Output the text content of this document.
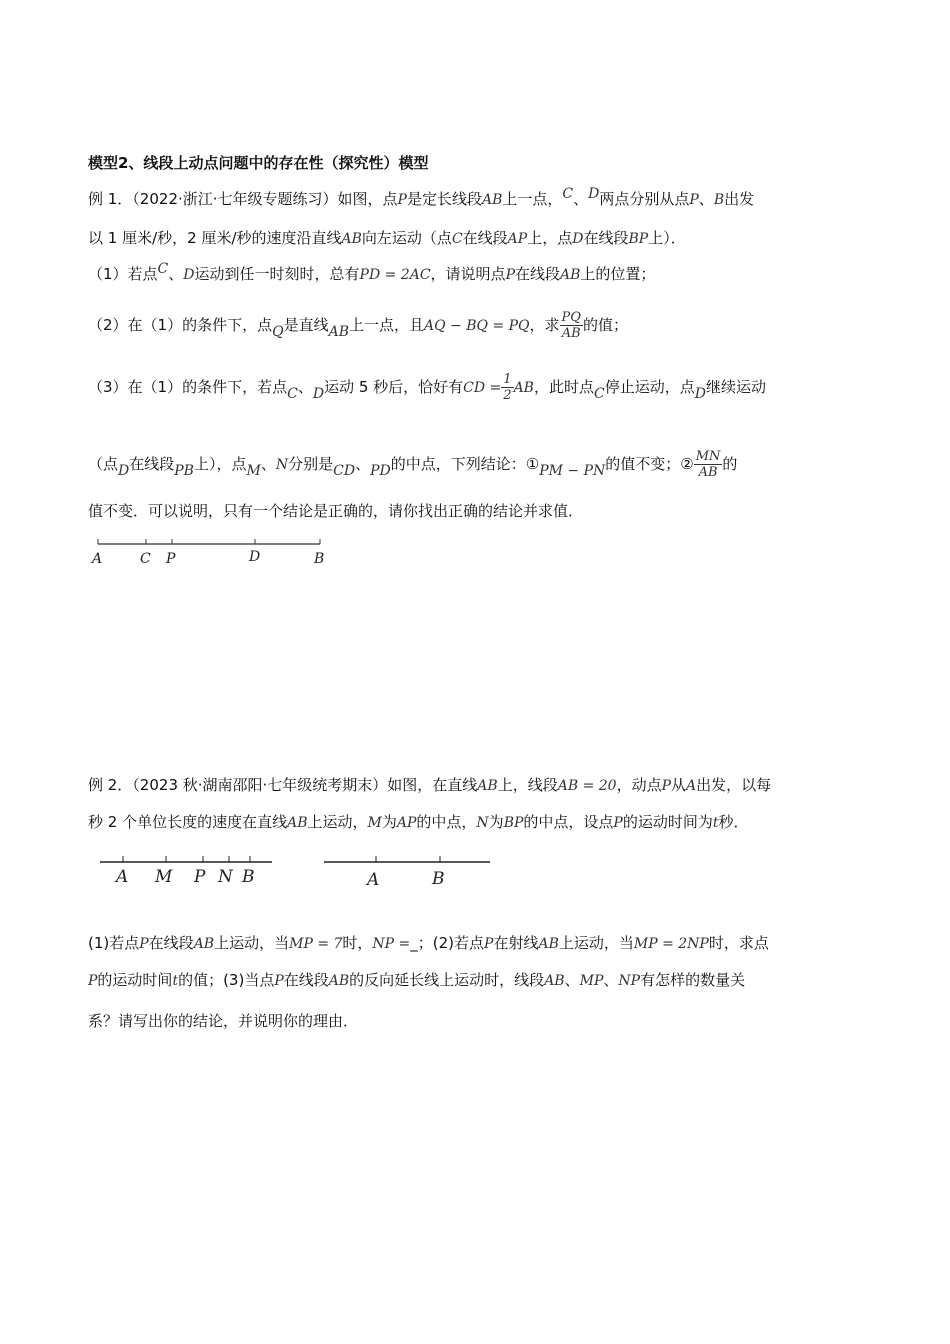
模型2、线段上动点问题中的存在性（探究性）模型
例 1．（2022·浙江·七年级专题练习）如图，点P是定长线段AB上一点，C、D两点分别从点P、B出发
以 1 厘米/秒，2 厘米/秒的速度沿直线AB向左运动（点C在线段AP上，点D在线段BP上）．
（1）若点C、D运动到任一时刻时，总有PD = 2AC，请说明点P在线段AB上的位置；
（2）在（1）的条件下，点Q是直线AB上一点，且AQ − BQ = PQ，求 $\frac{PQ}{AB}$ 的值；
（3）在（1）的条件下，若点C、D运动 5 秒后，恰好有CD = $\frac{1}{2}$ AB，此时点C停止运动，点D继续运动
（点D在线段PB上），点M、N分别是CD、PD的中点，下列结论：①PM − PN的值不变；② $\frac{MN}{AB}$ 的
值不变．可以说明，只有一个结论是正确的，请你找出正确的结论并求值．
A	C P	D	B
A M P N B	A	B
例 2．（2023 秋·湖南邵阳·七年级统考期末）如图，在直线AB上，线段AB = 20，动点P从A出发，以每
秒 2 个单位长度的速度在直线AB上运动，M为AP的中点，N为BP的中点，设点P的运动时间为t秒．
(1)若点P在线段AB上运动，当MP = 7时，NP =_；(2)若点P在射线AB上运动，当MP = 2NP时，求点
P的运动时间t的值；(3)当点P在线段AB的反向延长线上运动时，线段AB、MP、NP有怎样的数量关
系？请写出你的结论，并说明你的理由．
